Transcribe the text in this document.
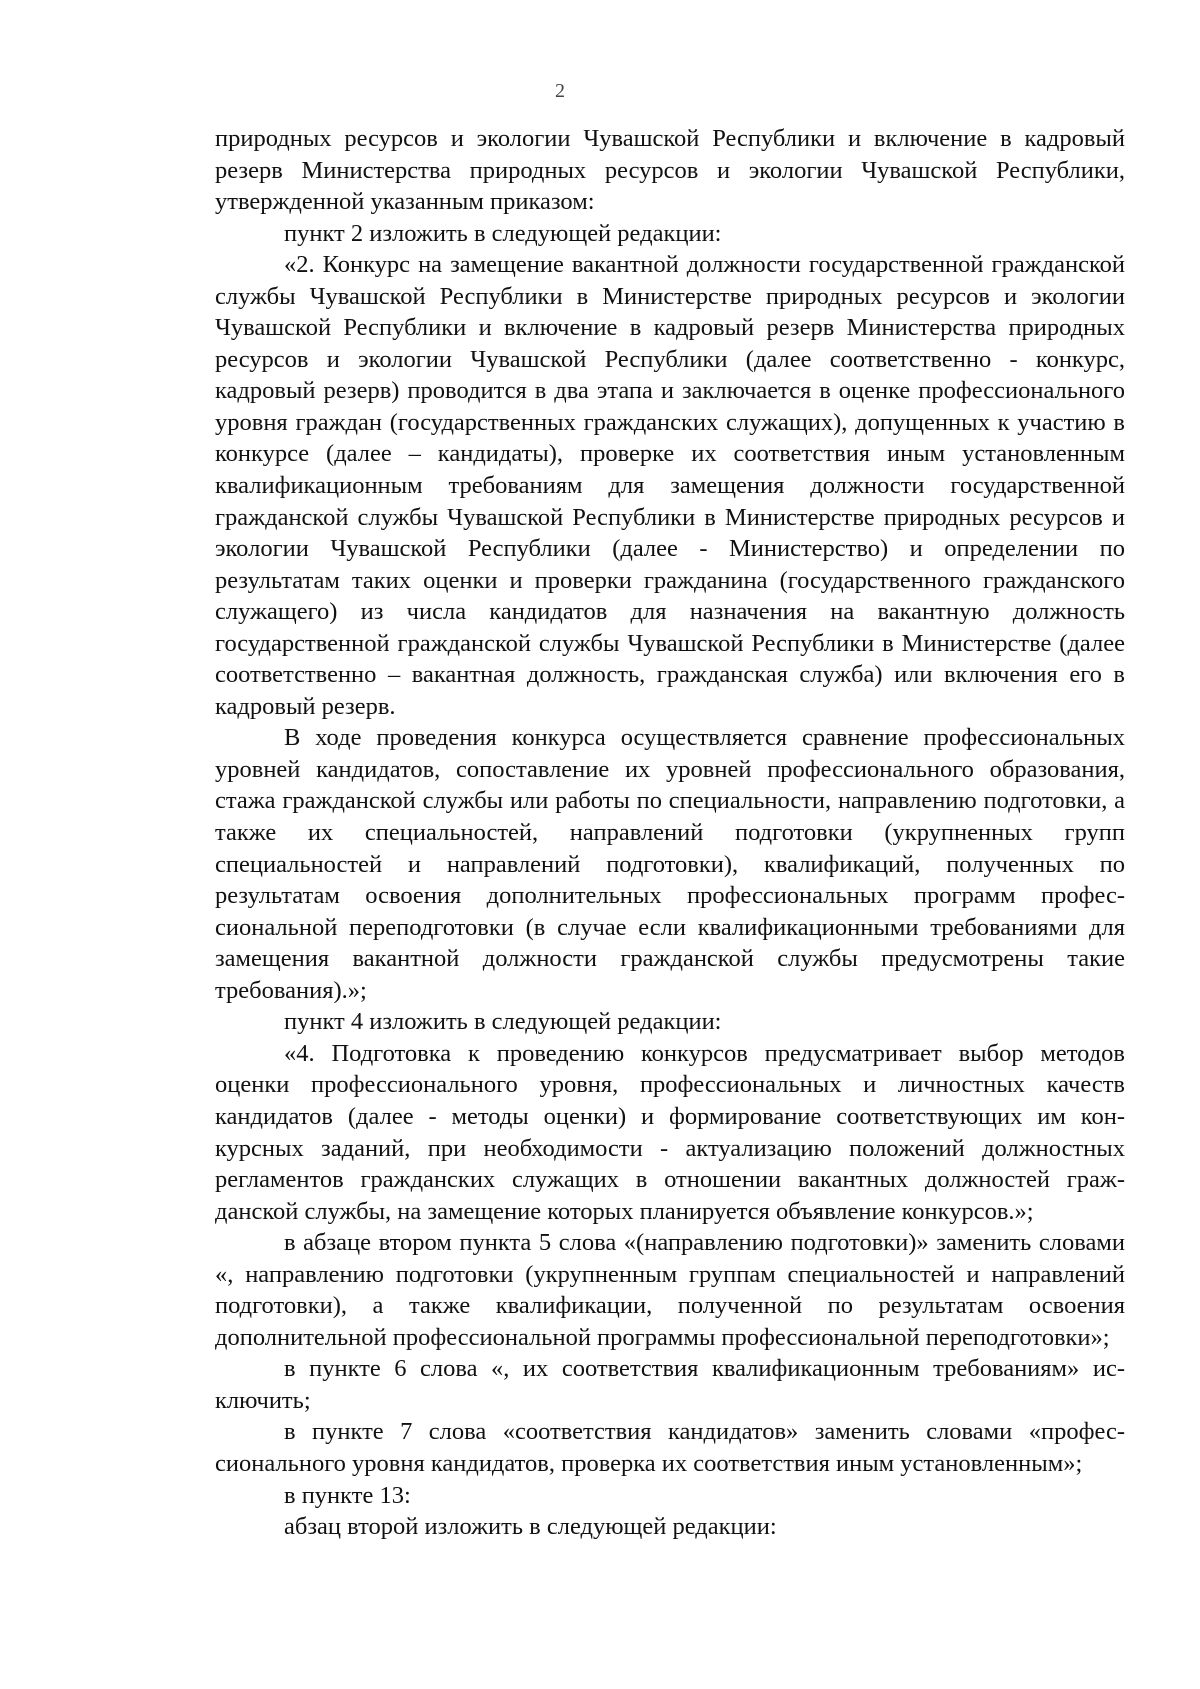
2

природных ресурсов и экологии Чувашской Республики и включение в кадровый резерв Министерства природных ресурсов и экологии Чувашской Республики, утвержденной указанным приказом:

пункт 2 изложить в следующей редакции:

«2. Конкурс на замещение вакантной должности государственной гражданской службы Чувашской Республики в Министерстве природных ресурсов и экологии Чувашской Республики и включение в кадровый резерв Министерства природных ресурсов и экологии Чувашской Республики (далее соответственно - конкурс, кадровый резерв) проводится в два этапа и заключается в оценке профессионального уровня граждан (государственных гражданских служащих), допущенных к участию в конкурсе (далее – кандидаты), проверке их соответствия иным установленным квалификационным требованиям для замещения должности государственной гражданской службы Чувашской Республики в Министерстве природных ресурсов и экологии Чувашской Республики (далее - Министерство) и определении по результатам таких оценки и проверки гражданина (государственного гражданского служащего) из числа кандидатов для назначения на вакантную должность государственной гражданской службы Чувашской Республики в Министерстве (далее соответственно – вакантная должность, гражданская служба) или включения его в кадровый резерв.

В ходе проведения конкурса осуществляется сравнение профессиональных уровней кандидатов, сопоставление их уровней профессионального образования, стажа гражданской службы или работы по специальности, направлению подготовки, а также их специальностей, направлений подготовки (укрупненных групп специальностей и направлений подготовки), квалификаций, полученных по результатам освоения дополнительных профессиональных программ профессиональной переподготовки (в случае если квалификационными требованиями для замещения вакантной должности гражданской службы предусмотрены такие требования).»;

пункт 4 изложить в следующей редакции:

«4. Подготовка к проведению конкурсов предусматривает выбор методов оценки профессионального уровня, профессиональных и личностных качеств кандидатов (далее - методы оценки) и формирование соответствующих им конкурсных заданий, при необходимости - актуализацию положений должностных регламентов гражданских служащих в отношении вакантных должностей гражданской службы, на замещение которых планируется объявление конкурсов.»;

в абзаце втором пункта 5 слова «(направлению подготовки)» заменить словами «, направлению подготовки (укрупненным группам специальностей и направлений подготовки), а также квалификации, полученной по результатам освоения дополнительной профессиональной программы профессиональной переподготовки»;

в пункте 6 слова «, их соответствия квалификационным требованиям» исключить;

в пункте 7 слова «соответствия кандидатов» заменить словами «профессионального уровня кандидатов, проверка их соответствия иным установленным»;

в пункте 13:

абзац второй изложить в следующей редакции:
